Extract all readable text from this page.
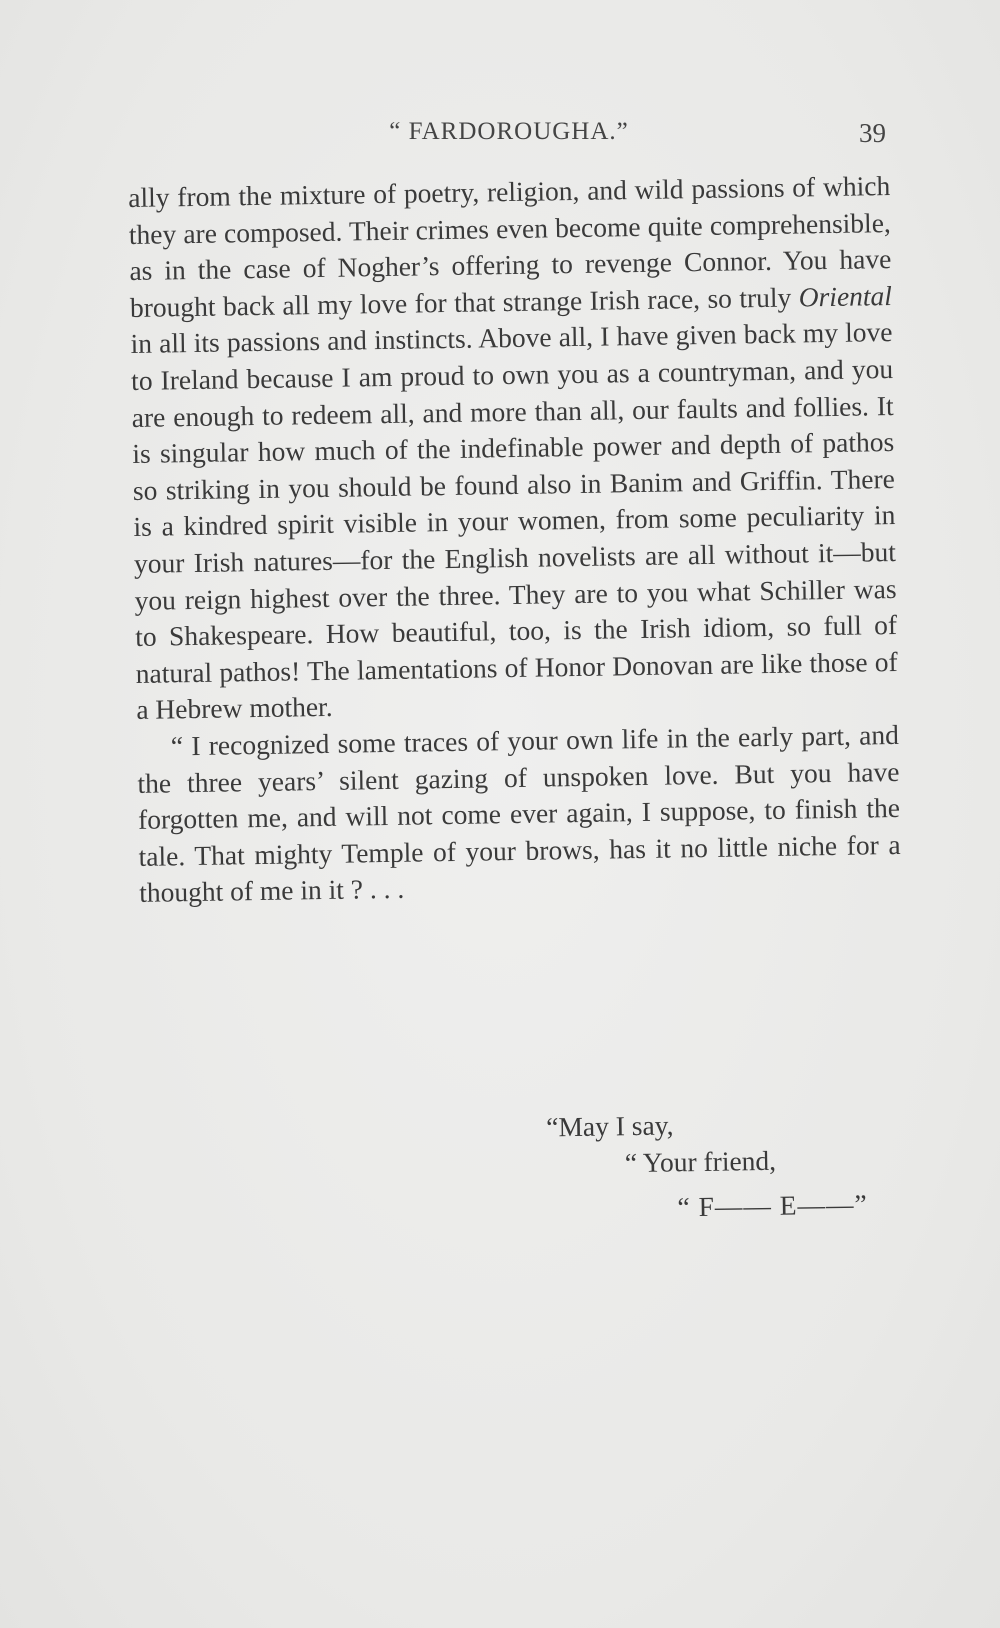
“ FARDOROUGHA.”	39

ally from the mixture of poetry, religion, and wild passions of which they are composed. Their crimes even become quite comprehensible, as in the case of Nogher’s offering to revenge Connor. You have brought back all my love for that strange Irish race, so truly Oriental in all its passions and instincts. Above all, I have given back my love to Ireland because I am proud to own you as a countryman, and you are enough to redeem all, and more than all, our faults and follies. It is singular how much of the indefinable power and depth of pathos so striking in you should be found also in Banim and Griffin. There is a kindred spirit visible in your women, from some peculiarity in your Irish natures—for the English novelists are all without it—but you reign highest over the three. They are to you what Schiller was to Shakespeare. How beautiful, too, is the Irish idiom, so full of natural pathos! The lamentations of Honor Donovan are like those of a Hebrew mother.

“ I recognized some traces of your own life in the early part, and the three years’ silent gazing of unspoken love. But you have forgotten me, and will not come ever again, I suppose, to finish the tale. That mighty Temple of your brows, has it no little niche for a thought of me in it ? . . .

“May I say,
“ Your friend,
“ F—— E——”
